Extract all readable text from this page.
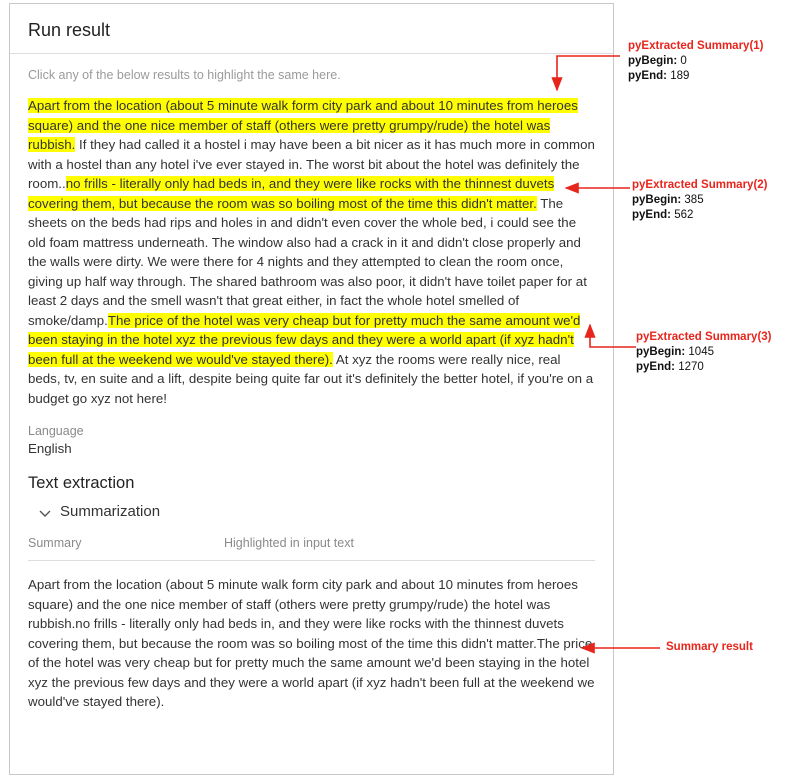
Run result
Click any of the below results to highlight the same here.
Apart from the location (about 5 minute walk form city park and about 10 minutes from heroes square) and the one nice member of staff (others were pretty grumpy/rude) the hotel was rubbish. If they had called it a hostel i may have been a bit nicer as it has much more in common with a hostel than any hotel i've ever stayed in. The worst bit about the hotel was definitely the room..no frills - literally only had beds in, and they were like rocks with the thinnest duvets covering them, but because the room was so boiling most of the time this didn't matter. The sheets on the beds had rips and holes in and didn't even cover the whole bed, i could see the old foam mattress underneath. The window also had a crack in it and didn't close properly and the walls were dirty. We were there for 4 nights and they attempted to clean the room once, giving up half way through. The shared bathroom was also poor, it didn't have toilet paper for at least 2 days and the smell wasn't that great either, in fact the whole hotel smelled of smoke/damp.The price of the hotel was very cheap but for pretty much the same amount we'd been staying in the hotel xyz the previous few days and they were a world apart (if xyz hadn't been full at the weekend we would've stayed there). At xyz the rooms were really nice, real beds, tv, en suite and a lift, despite being quite far out it's definitely the better hotel, if you're on a budget go xyz not here!
Language
English
Text extraction
Summarization
Summary	Highlighted in input text
Apart from the location (about 5 minute walk form city park and about 10 minutes from heroes square) and the one nice member of staff (others were pretty grumpy/rude) the hotel was rubbish.no frills - literally only had beds in, and they were like rocks with the thinnest duvets covering them, but because the room was so boiling most of the time this didn't matter.The price of the hotel was very cheap but for pretty much the same amount we'd been staying in the hotel xyz the previous few days and they were a world apart (if xyz hadn't been full at the weekend we would've stayed there).
pyExtracted Summary(1)
pyBegin: 0
pyEnd: 189
pyExtracted Summary(2)
pyBegin: 385
pyEnd: 562
pyExtracted Summary(3)
pyBegin: 1045
pyEnd: 1270
Summary result
